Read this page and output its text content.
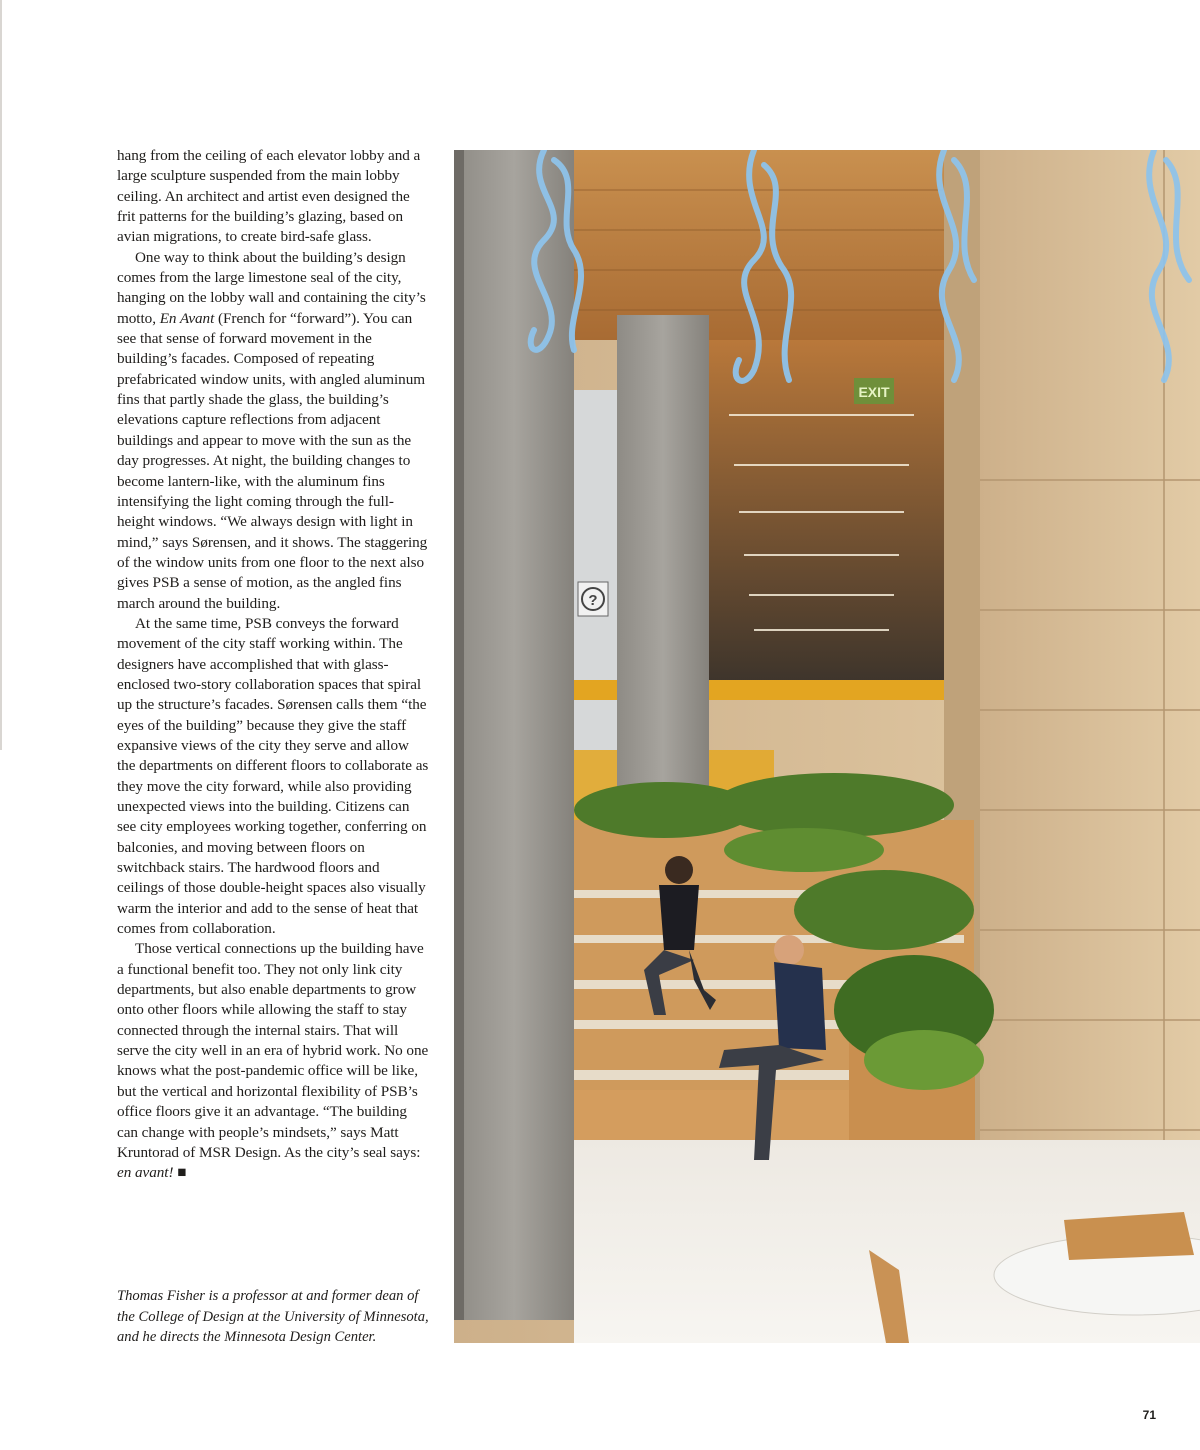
hang from the ceiling of each elevator lobby and a large sculpture suspended from the main lobby ceiling. An architect and artist even designed the frit patterns for the building’s glazing, based on avian migrations, to create bird-safe glass.

One way to think about the building’s design comes from the large limestone seal of the city, hanging on the lobby wall and containing the city’s motto, En Avant (French for “forward”). You can see that sense of forward movement in the building’s facades. Composed of repeating prefabricated window units, with angled aluminum fins that partly shade the glass, the building’s elevations capture reflections from adjacent buildings and appear to move with the sun as the day progresses. At night, the building changes to become lantern-like, with the aluminum fins intensifying the light coming through the full-height windows. “We always design with light in mind,” says Sørensen, and it shows. The staggering of the window units from one floor to the next also gives PSB a sense of motion, as the angled fins march around the building.

At the same time, PSB conveys the forward movement of the city staff working within. The designers have accomplished that with glass-enclosed two-story collaboration spaces that spiral up the structure’s facades. Sørensen calls them “the eyes of the building” because they give the staff expansive views of the city they serve and allow the departments on different floors to collaborate as they move the city forward, while also providing unexpected views into the building. Citizens can see city employees working together, conferring on balconies, and moving between floors on switchback stairs. The hardwood floors and ceilings of those double-height spaces also visually warm the interior and add to the sense of heat that comes from collaboration.

Those vertical connections up the building have a functional benefit too. They not only link city departments, but also enable departments to grow onto other floors while allowing the staff to stay connected through the internal stairs. That will serve the city well in an era of hybrid work. No one knows what the post-pandemic office will be like, but the vertical and horizontal flexibility of PSB’s office floors give it an advantage. “The building can change with people’s mindsets,” says Matt Kruntorad of MSR Design. As the city’s seal says: en avant! ■

Thomas Fisher is a professor at and former dean of the College of Design at the University of Minnesota, and he directs the Minnesota Design Center.

71
EXIT
?
